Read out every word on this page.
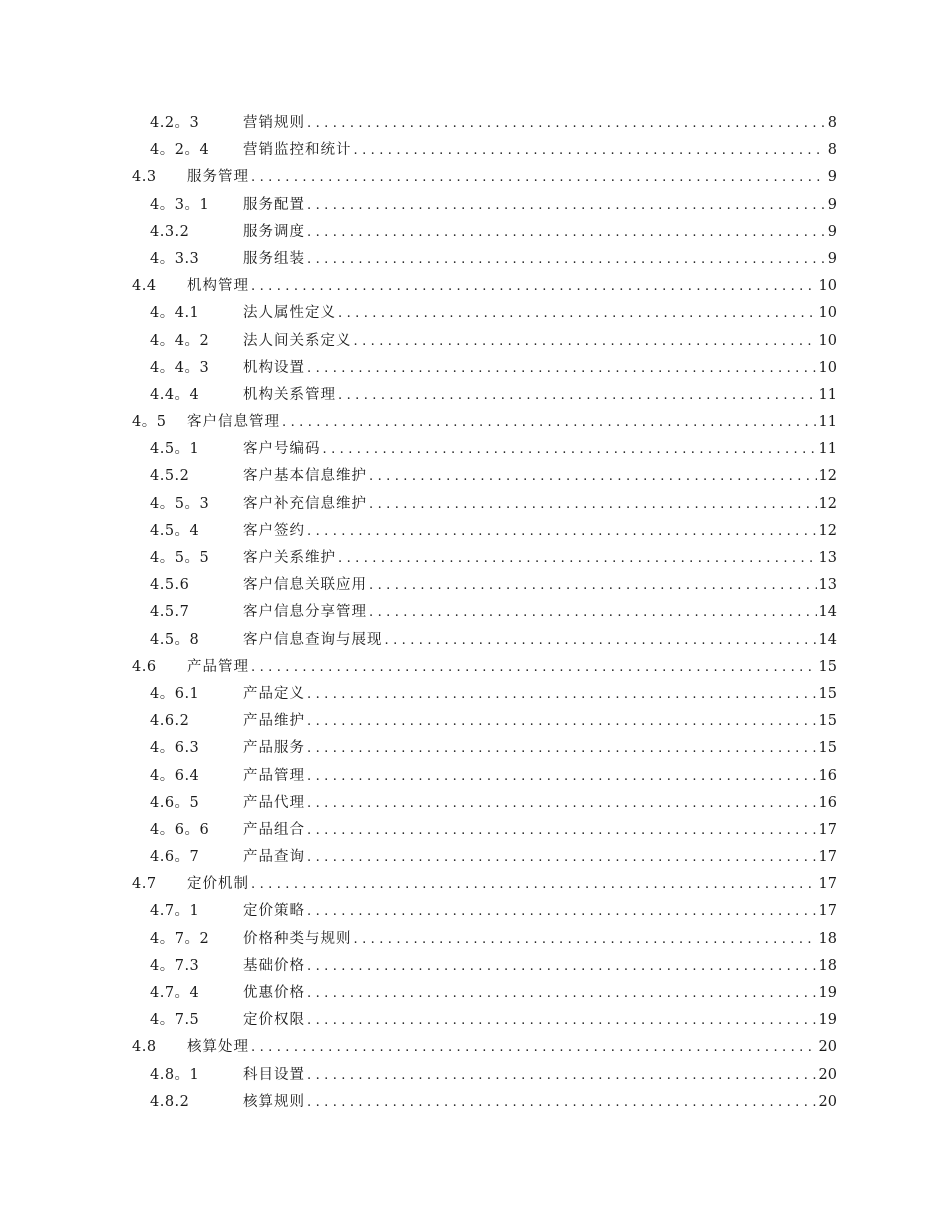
4.2。3	营销规则 . . .	8
4。2。4	营销监控和统计 . . .	8
4.3	服务管理 . . .	9
4。3。1	服务配置 . . .	9
4.3.2	服务调度 . . .	9
4。3.3	服务组装 . . .	9
4.4	机构管理 . . .	10
4。4.1	法人属性定义 . . .	10
4。4。2	法人间关系定义 . . .	10
4。4。3	机构设置 . . .	10
4.4。4	机构关系管理 . . .	11
4。5	客户信息管理 . . .	11
4.5。1	客户号编码 . . .	11
4.5.2	客户基本信息维护 . . .	12
4。5。3	客户补充信息维护 . . .	12
4.5。4	客户签约 . . .	12
4。5。5	客户关系维护 . . .	13
4.5.6	客户信息关联应用 . . .	13
4.5.7	客户信息分享管理 . . .	14
4.5。8	客户信息查询与展现 . . .	14
4.6	产品管理 . . .	15
4。6.1	产品定义 . . .	15
4.6.2	产品维护 . . .	15
4。6.3	产品服务 . . .	15
4。6.4	产品管理 . . .	16
4.6。5	产品代理 . . .	16
4。6。6	产品组合 . . .	17
4.6。7	产品查询 . . .	17
4.7	定价机制 . . .	17
4.7。1	定价策略 . . .	17
4。7。2	价格种类与规则 . . .	18
4。7.3	基础价格 . . .	18
4.7。4	优惠价格 . . .	19
4。7.5	定价权限 . . .	19
4.8	核算处理 . . .	20
4.8。1	科目设置 . . .	20
4.8.2	核算规则 . . .	20
